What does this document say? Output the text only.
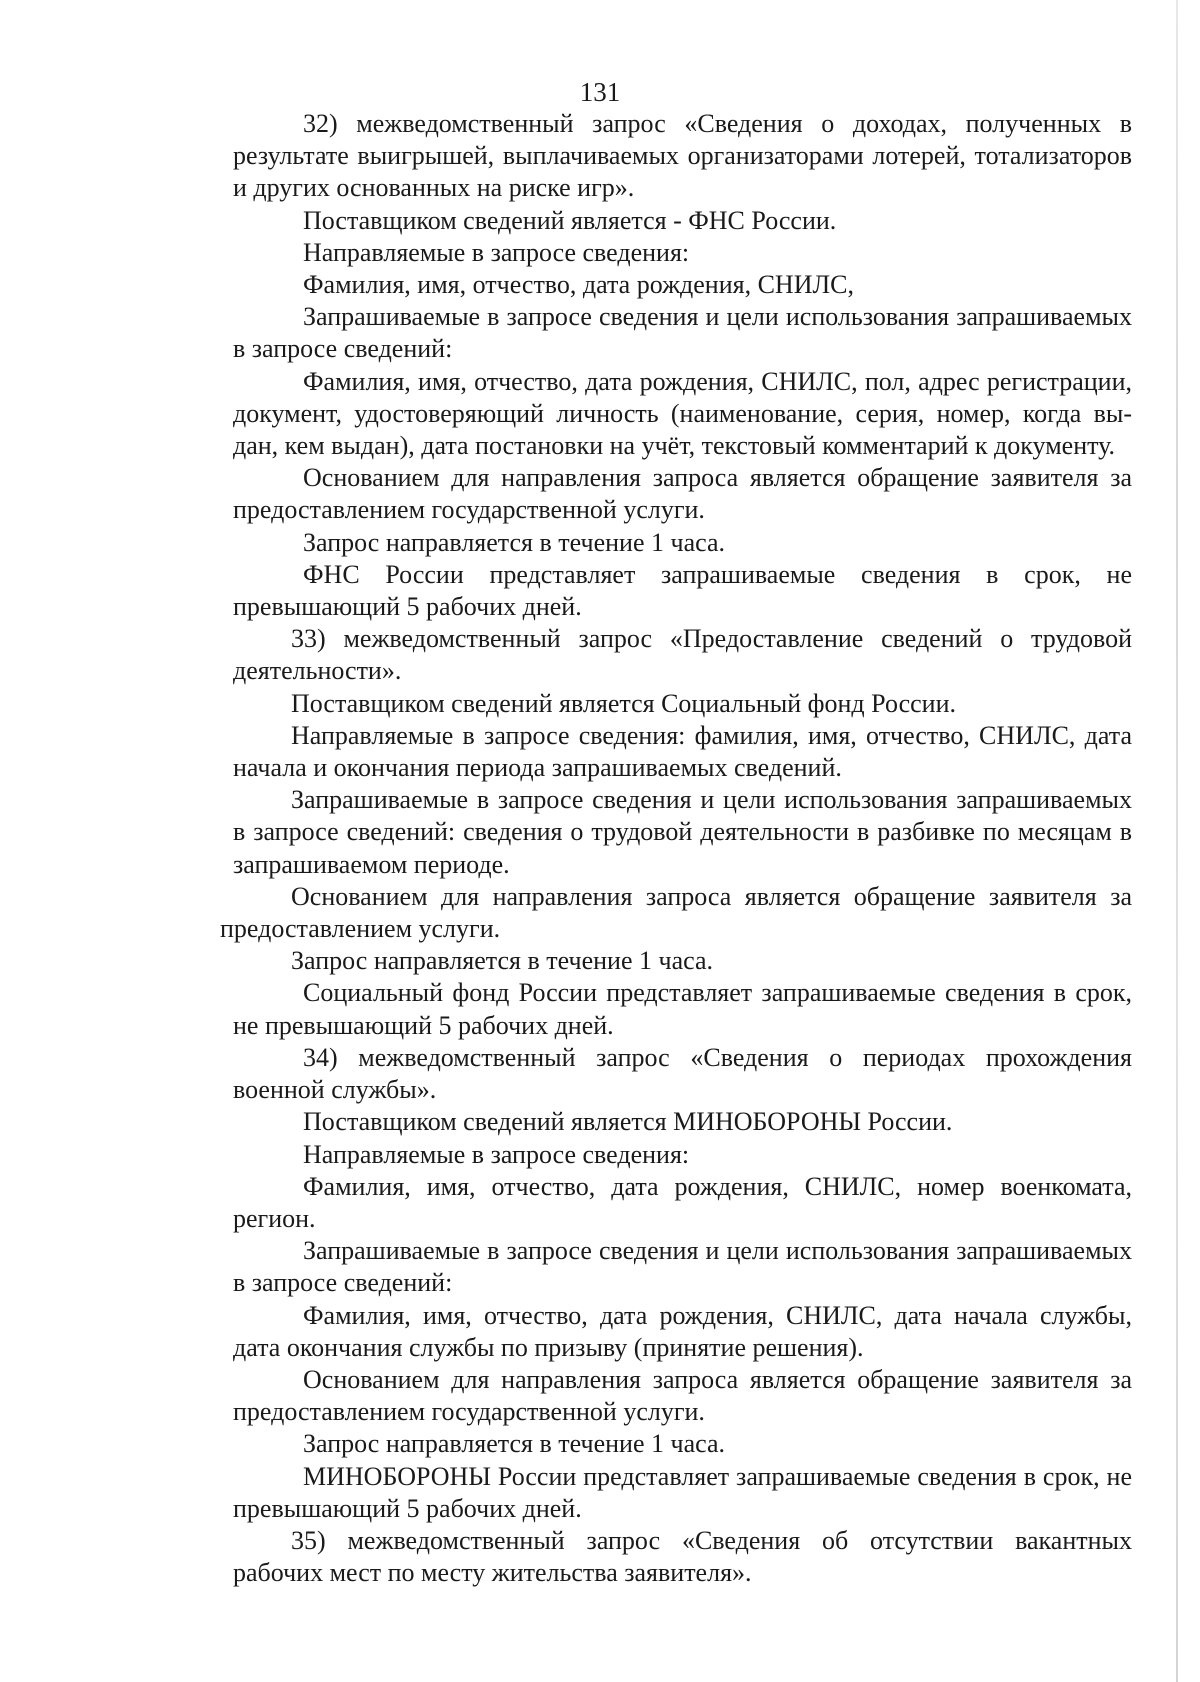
131

32) межведомственный запрос «Сведения о доходах, полученных в результате выигрышей, выплачиваемых организаторами лотерей, тотализаторов и других основанных на риске игр».

Поставщиком сведений является - ФНС России.

Направляемые в запросе сведения:

Фамилия, имя, отчество, дата рождения, СНИЛС,

Запрашиваемые в запросе сведения и цели использования запрашиваемых в запросе сведений:

Фамилия, имя, отчество, дата рождения, СНИЛС, пол, адрес регистрации, документ, удостоверяющий личность (наименование, серия, номер, когда вы-дан, кем выдан), дата постановки на учёт, текстовый комментарий к документу.

Основанием для направления запроса является обращение заявителя за предоставлением государственной услуги.

Запрос направляется в течение 1 часа.

ФНС России представляет запрашиваемые сведения в срок, не превышающий 5 рабочих дней.

33) межведомственный запрос «Предоставление сведений о трудовой деятельности».

Поставщиком сведений является Социальный фонд России.

Направляемые в запросе сведения: фамилия, имя, отчество, СНИЛС, дата начала и окончания периода запрашиваемых сведений.

Запрашиваемые в запросе сведения и цели использования запрашиваемых в запросе сведений: сведения о трудовой деятельности в разбивке по месяцам в запрашиваемом периоде.

Основанием для направления запроса является обращение заявителя за предоставлением услуги.

Запрос направляется в течение 1 часа.

Социальный фонд России представляет запрашиваемые сведения в срок, не превышающий 5 рабочих дней.

34) межведомственный запрос «Сведения о периодах прохождения военной службы».

Поставщиком сведений является МИНОБОРОНЫ России.

Направляемые в запросе сведения:

Фамилия, имя, отчество, дата рождения, СНИЛС, номер военкомата, регион.

Запрашиваемые в запросе сведения и цели использования запрашиваемых в запросе сведений:

Фамилия, имя, отчество, дата рождения, СНИЛС, дата начала службы, дата окончания службы по призыву (принятие решения).

Основанием для направления запроса является обращение заявителя за предоставлением государственной услуги.

Запрос направляется в течение 1 часа.

МИНОБОРОНЫ России представляет запрашиваемые сведения в срок, не превышающий 5 рабочих дней.

35) межведомственный запрос «Сведения об отсутствии вакантных рабочих мест по месту жительства заявителя».
